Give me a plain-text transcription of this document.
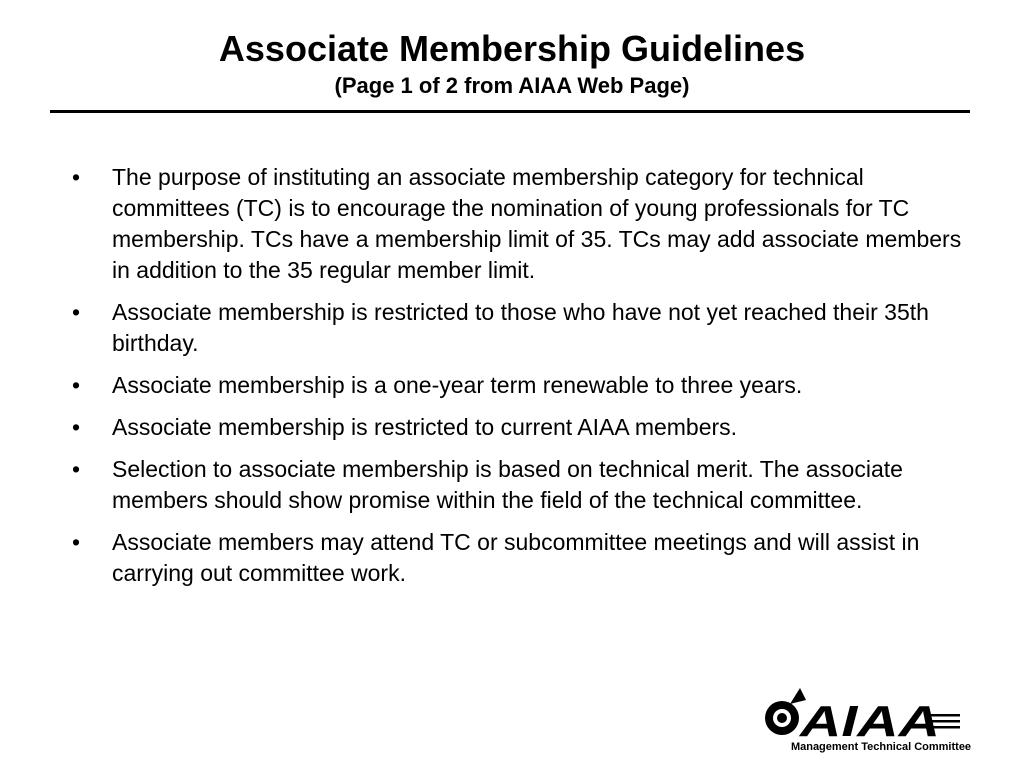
Associate Membership Guidelines
(Page 1 of 2 from AIAA Web Page)
• The purpose of instituting an associate membership category for technical committees (TC) is to encourage the nomination of young professionals for TC membership. TCs have a membership limit of 35. TCs may add associate members in addition to the 35 regular member limit.
• Associate membership is restricted to those who have not yet reached their 35th birthday.
• Associate membership is a one-year term renewable to three years.
• Associate membership is restricted to current AIAA members.
• Selection to associate membership is based on technical merit. The associate members should show promise within the field of the technical committee.
• Associate members may attend TC or subcommittee meetings and will assist in carrying out committee work.
AIAA
Management Technical Committee
